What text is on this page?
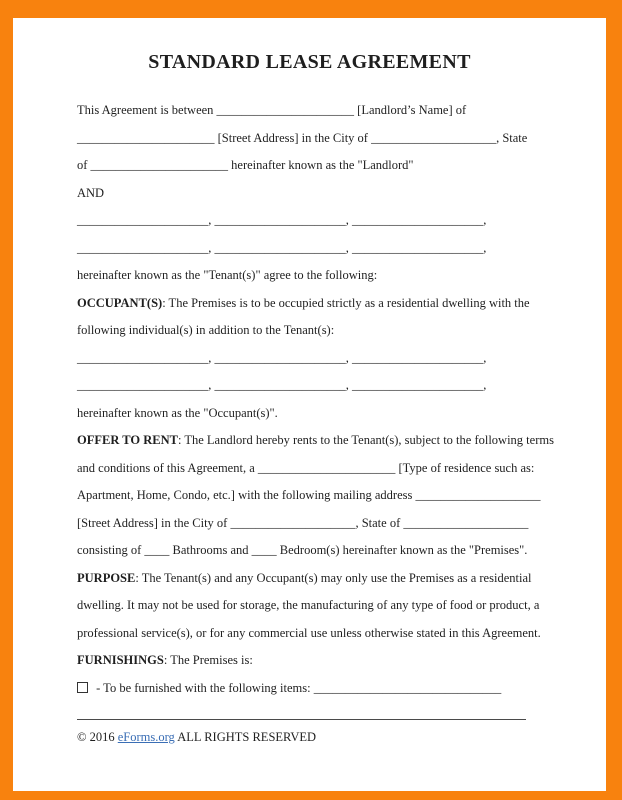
STANDARD LEASE AGREEMENT
This Agreement is between ______________________ [Landlord’s Name] of
______________________ [Street Address] in the City of ____________________, State
of ______________________ hereinafter known as the "Landlord"
AND
_____________________, _____________________, _____________________,
_____________________, _____________________, _____________________,
hereinafter known as the "Tenant(s)" agree to the following:
OCCUPANT(S): The Premises is to be occupied strictly as a residential dwelling with the
following individual(s) in addition to the Tenant(s):
_____________________, _____________________, _____________________,
_____________________, _____________________, _____________________,
hereinafter known as the "Occupant(s)".
OFFER TO RENT: The Landlord hereby rents to the Tenant(s), subject to the following terms
and conditions of this Agreement, a ______________________ [Type of residence such as:
Apartment, Home, Condo, etc.] with the following mailing address ____________________
[Street Address] in the City of ____________________, State of ____________________
consisting of ____ Bathrooms and ____ Bedroom(s) hereinafter known as the "Premises".
PURPOSE: The Tenant(s) and any Occupant(s) may only use the Premises as a residential
dwelling. It may not be used for storage, the manufacturing of any type of food or product, a
professional service(s), or for any commercial use unless otherwise stated in this Agreement.
FURNISHINGS: The Premises is:
- To be furnished with the following items: ______________________________
© 2016 eForms.org ALL RIGHTS RESERVED
